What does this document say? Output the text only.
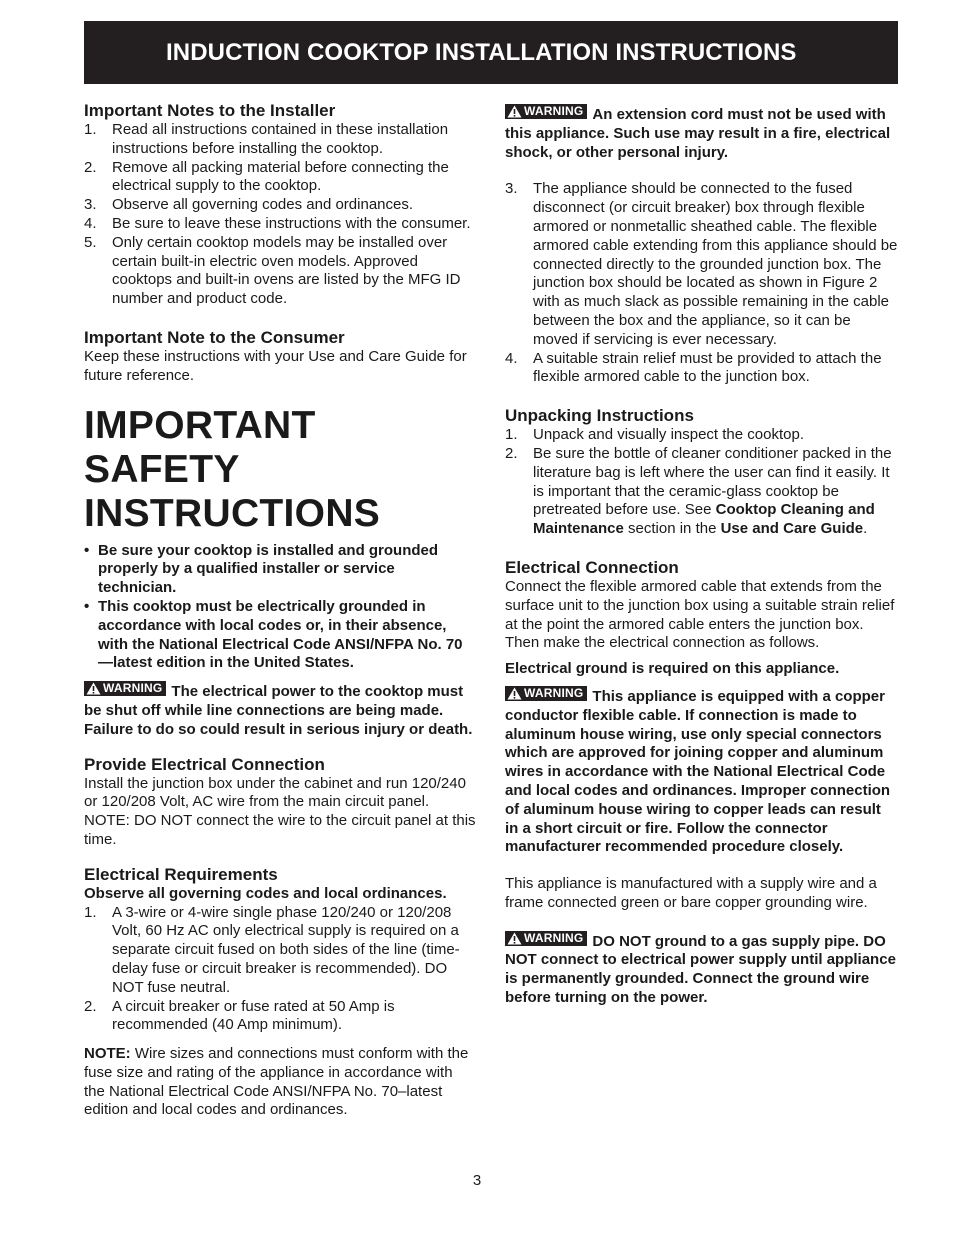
INDUCTION COOKTOP INSTALLATION INSTRUCTIONS
Important Notes to the Installer
1. Read all instructions contained in these installation instructions before installing the cooktop.
2. Remove all packing material before connecting the electrical supply to the cooktop.
3. Observe all governing codes and ordinances.
4. Be sure to leave these instructions with the consumer.
5. Only certain cooktop models may be installed over certain built-in electric oven models. Approved cooktops and built-in ovens are listed by the MFG ID number and product code.
Important Note to the Consumer

Keep these instructions with your Use and Care Guide for future reference.

IMPORTANT SAFETY

INSTRUCTIONS

• Be sure your cooktop is installed and grounded properly by a qualified installer or service technician.
• This cooktop must be electrically grounded in accordance with local codes or, in their absence, with the National Electrical Code ANSI/NFPA No. 70—latest edition in the United States.

WARNING The electrical power to the cooktop must be shut off while line connections are being made. Failure to do so could result in serious injury or death.

Provide Electrical Connection

Install the junction box under the cabinet and run 120/240 or 120/208 Volt, AC wire from the main circuit panel. NOTE: DO NOT connect the wire to the circuit panel at this time.

Electrical Requirements

Observe all governing codes and local ordinances.

1. A 3-wire or 4-wire single phase 120/240 or 120/208 Volt, 60 Hz AC only electrical supply is required on a separate circuit fused on both sides of the line (time-delay fuse or circuit breaker is recommended). DO NOT fuse neutral.
2. A circuit breaker or fuse rated at 50 Amp is recommended (40 Amp minimum).

NOTE: Wire sizes and connections must conform with the fuse size and rating of the appliance in accordance with the National Electrical Code ANSI/NFPA No. 70–latest edition and local codes and ordinances.

WARNING An extension cord must not be used with this appliance. Such use may result in a fire, electrical shock, or other personal injury.

3. The appliance should be connected to the fused disconnect (or circuit breaker) box through flexible armored or nonmetallic sheathed cable. The flexible armored cable extending from this appliance should be connected directly to the grounded junction box. The junction box should be located as shown in Figure 2 with as much slack as possible remaining in the cable between the box and the appliance, so it can be moved if servicing is ever necessary.
4. A suitable strain relief must be provided to attach the flexible armored cable to the junction box.
Unpacking Instructions
1. Unpack and visually inspect the cooktop.
2. Be sure the bottle of cleaner conditioner packed in the literature bag is left where the user can find it easily. It is important that the ceramic-glass cooktop be pretreated before use. See Cooktop Cleaning and Maintenance section in the Use and Care Guide.
Electrical Connection

Connect the flexible armored cable that extends from the surface unit to the junction box using a suitable strain relief at the point the armored cable enters the junction box. Then make the electrical connection as follows.

Electrical ground is required on this appliance.

WARNING This appliance is equipped with a copper conductor flexible cable. If connection is made to aluminum house wiring, use only special connectors which are approved for joining copper and aluminum wires in accordance with the National Electrical Code and local codes and ordinances. Improper connection of aluminum house wiring to copper leads can result in a short circuit or fire. Follow the connector manufacturer recommended procedure closely.

This appliance is manufactured with a supply wire and a frame connected green or bare copper grounding wire.

WARNING DO NOT ground to a gas supply pipe. DO NOT connect to electrical power supply until appliance is permanently grounded. Connect the ground wire before turning on the power.

3
